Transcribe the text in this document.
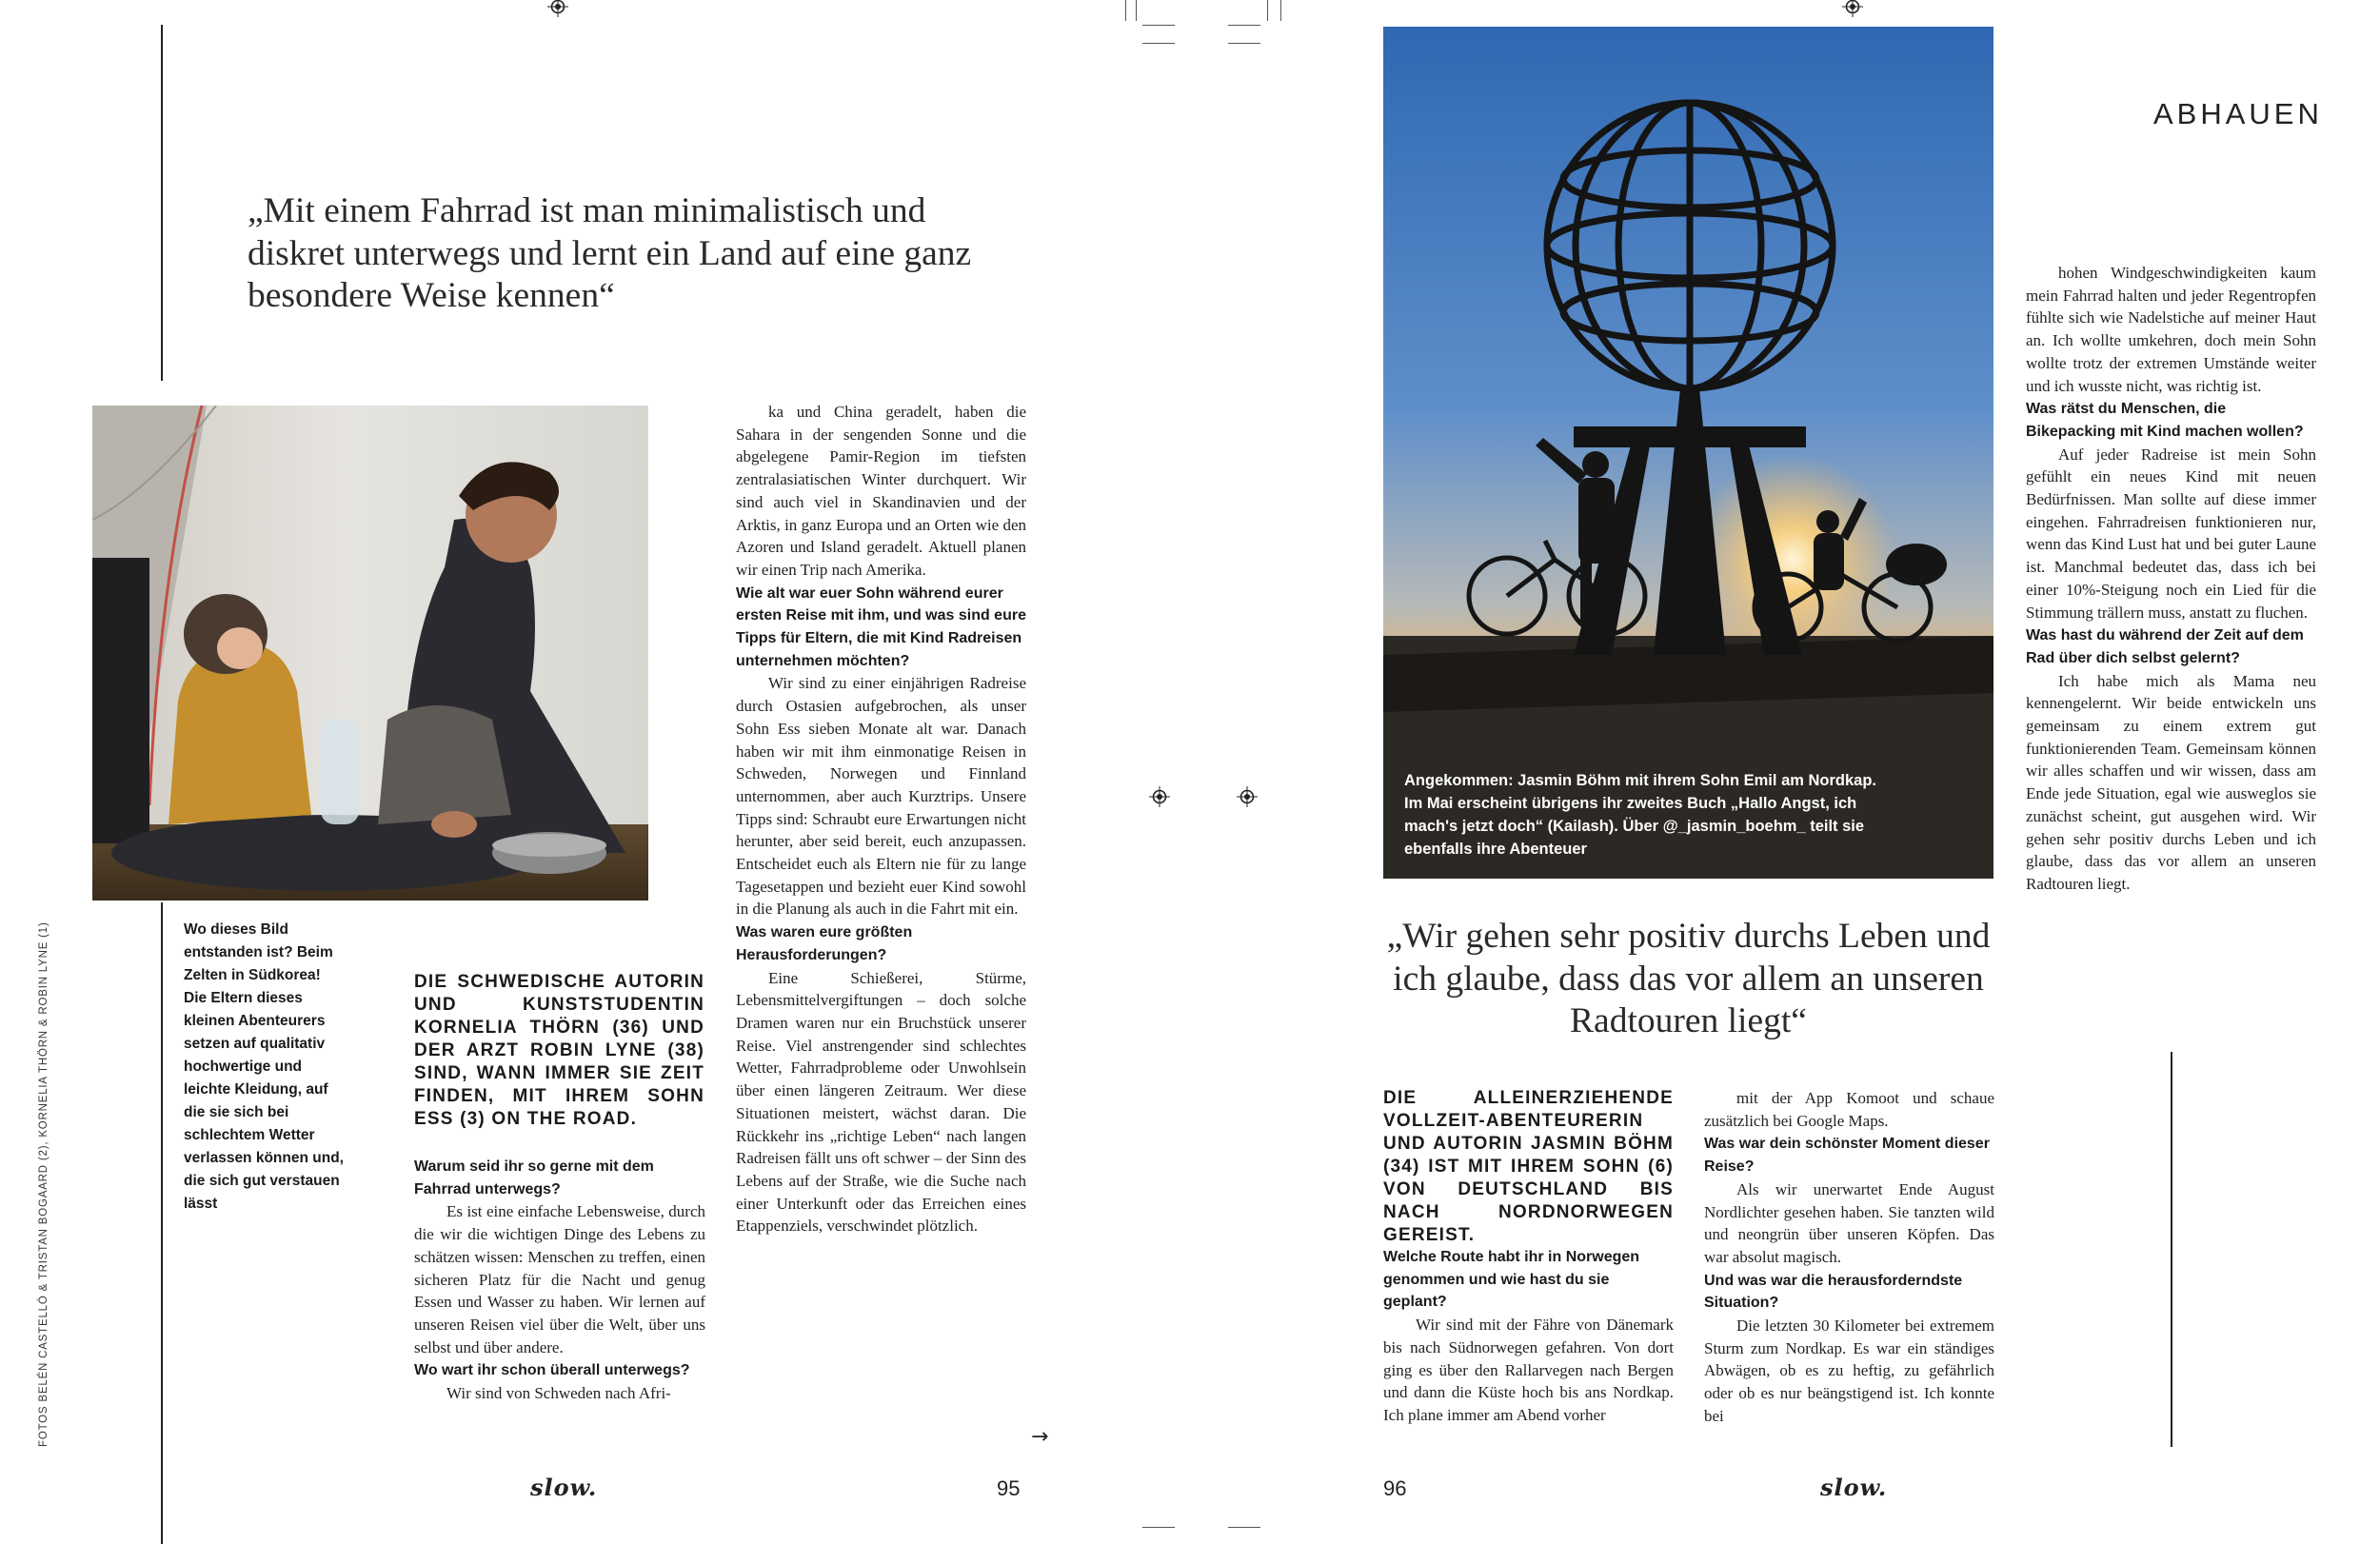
FOTOS BELÉN CASTELLÓ & TRISTAN BOGAARD (2), KORNELIA THÖRN & ROBIN LYNE (1)
„Mit einem Fahrrad ist man minimalistisch und diskret unterwegs und lernt ein Land auf eine ganz besondere Weise kennen“
Wo dieses Bild entstanden ist? Beim Zelten in Südkorea! Die Eltern dieses kleinen Abenteurers setzen auf qualitativ hochwertige und leichte Kleidung, auf die sie sich bei schlechtem Wetter verlassen können und, die sich gut verstauen lässt
DIE SCHWEDISCHE AUTORIN UND KUNSTSTUDENTIN KORNELIA THÖRN (36) UND DER ARZT ROBIN LYNE (38) SIND, WANN IMMER SIE ZEIT FINDEN, MIT IHREM SOHN ESS (3) ON THE ROAD.

Warum seid ihr so gerne mit dem Fahrrad unterwegs?

Es ist eine einfache Lebensweise, durch die wir die wichtigen Dinge des Lebens zu schätzen wissen: Menschen zu treffen, einen sicheren Platz für die Nacht und genug Essen und Wasser zu haben. Wir lernen auf unseren Reisen viel über die Welt, über uns selbst und über andere.

Wo wart ihr schon überall unterwegs?

Wir sind von Schweden nach Afri-

ka und China geradelt, haben die Sahara in der sengenden Sonne und die abgelegene Pamir-Region im tiefsten zentralasiatischen Winter durchquert. Wir sind auch viel in Skandinavien und der Arktis, in ganz Europa und an Orten wie den Azoren und Island geradelt. Aktuell planen wir einen Trip nach Amerika.

Wie alt war euer Sohn während eurer ersten Reise mit ihm, und was sind eure Tipps für Eltern, die mit Kind Radreisen unternehmen möchten?

Wir sind zu einer einjährigen Radreise durch Ostasien aufgebrochen, als unser Sohn Ess sieben Monate alt war. Danach haben wir mit ihm einmonatige Reisen in Schweden, Norwegen und Finnland unternommen, aber auch Kurztrips. Unsere Tipps sind: Schraubt eure Erwartungen nicht herunter, aber seid bereit, euch anzupassen. Entscheidet euch als Eltern nie für zu lange Tagesetappen und bezieht euer Kind sowohl in die Planung als auch in die Fahrt mit ein.

Was waren eure größten Herausforderungen?

Eine Schießerei, Stürme, Lebensmittelvergiftungen – doch solche Dramen waren nur ein Bruchstück unserer Reise. Viel anstrengender sind schlechtes Wetter, Fahrradprobleme oder Unwohlsein über einen längeren Zeitraum. Wer diese Situationen meistert, wächst daran. Die Rückkehr ins „richtige Leben“ nach langen Radreisen fällt uns oft schwer – der Sinn des Lebens auf der Straße, wie die Suche nach einer Unterkunft oder das Erreichen eines Etappenziels, verschwindet plötzlich.

→
slow.	95
ABHAUEN
Angekommen: Jasmin Böhm mit ihrem Sohn Emil am Nordkap. Im Mai erscheint übrigens ihr zweites Buch „Hallo Angst, ich mach's jetzt doch“ (Kailash). Über @_jasmin_boehm_ teilt sie ebenfalls ihre Abenteuer
„Wir gehen sehr positiv durchs Leben und ich glaube, dass das vor allem an unseren Radtouren liegt“
DIE ALLEINERZIEHENDE VOLLZEIT-ABENTEURERIN UND AUTORIN JASMIN BÖHM (34) IST MIT IHREM SOHN (6) VON DEUTSCHLAND BIS NACH NORDNORWEGEN GEREIST.

Welche Route habt ihr in Norwegen genommen und wie hast du sie geplant?

Wir sind mit der Fähre von Dänemark bis nach Südnorwegen gefahren. Von dort ging es über den Rallarvegen nach Bergen und dann die Küste hoch bis ans Nordkap. Ich plane immer am Abend vorher

mit der App Komoot und schaue zusätzlich bei Google Maps.

Was war dein schönster Moment dieser Reise?

Als wir unerwartet Ende August Nordlichter gesehen haben. Sie tanzten wild und neongrün über unseren Köpfen. Das war absolut magisch.

Und was war die herausforderndste Situation?

Die letzten 30 Kilometer bei extremem Sturm zum Nordkap. Es war ein ständiges Abwägen, ob es zu heftig, zu gefährlich oder ob es nur beängstigend ist. Ich konnte bei

hohen Windgeschwindigkeiten kaum mein Fahrrad halten und jeder Regentropfen fühlte sich wie Nadelstiche auf meiner Haut an. Ich wollte umkehren, doch mein Sohn wollte trotz der extremen Umstände weiter und ich wusste nicht, was richtig ist.

Was rätst du Menschen, die Bikepacking mit Kind machen wollen?

Auf jeder Radreise ist mein Sohn gefühlt ein neues Kind mit neuen Bedürfnissen. Man sollte auf diese immer eingehen. Fahrradreisen funktionieren nur, wenn das Kind Lust hat und bei guter Laune ist. Manchmal bedeutet das, dass ich bei einer 10%-Steigung noch ein Lied für die Stimmung trällern muss, anstatt zu fluchen.

Was hast du während der Zeit auf dem Rad über dich selbst gelernt?

Ich habe mich als Mama neu kennengelernt. Wir beide entwickeln uns gemeinsam zu einem extrem gut funktionierenden Team. Gemeinsam können wir alles schaffen und wir wissen, dass am Ende jede Situation, egal wie ausweglos sie zunächst scheint, gut ausgehen wird. Wir gehen sehr positiv durchs Leben und ich glaube, dass das vor allem an unseren Radtouren liegt.

96	slow.
